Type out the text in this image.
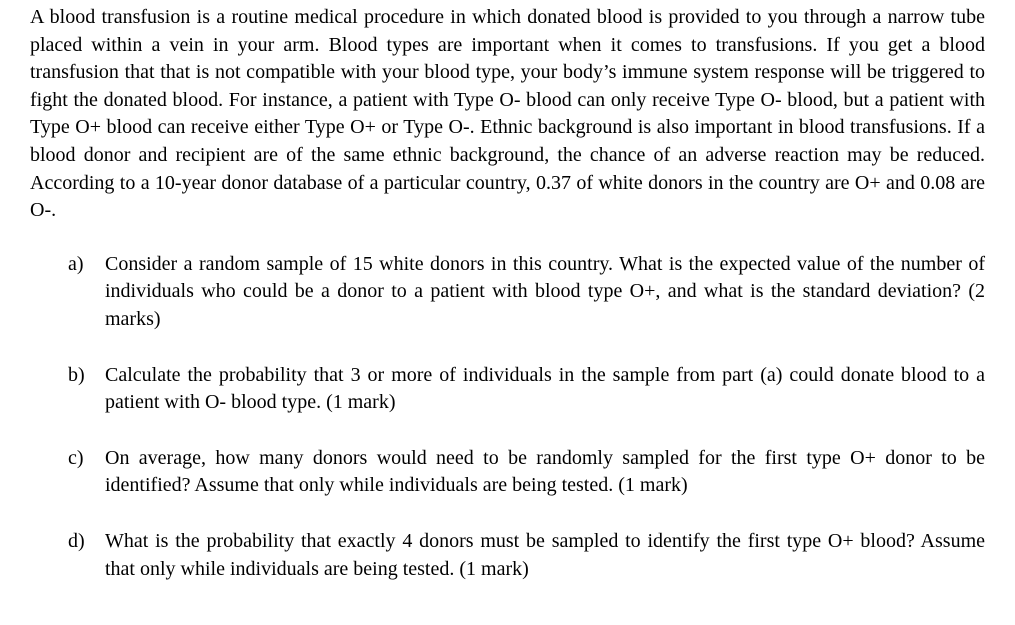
A blood transfusion is a routine medical procedure in which donated blood is provided to you through a narrow tube placed within a vein in your arm. Blood types are important when it comes to transfusions. If you get a blood transfusion that that is not compatible with your blood type, your body’s immune system response will be triggered to fight the donated blood. For instance, a patient with Type O- blood can only receive Type O- blood, but a patient with Type O+ blood can receive either Type O+ or Type O-. Ethnic background is also important in blood transfusions. If a blood donor and recipient are of the same ethnic background, the chance of an adverse reaction may be reduced. According to a 10-year donor database of a particular country, 0.37 of white donors in the country are O+ and 0.08 are O-.

a)	Consider a random sample of 15 white donors in this country. What is the expected value of the number of individuals who could be a donor to a patient with blood type O+, and what is the standard deviation? (2 marks)
b)	Calculate the probability that 3 or more of individuals in the sample from part (a) could donate blood to a patient with O- blood type. (1 mark)
c)	On average, how many donors would need to be randomly sampled for the first type O+ donor to be identified? Assume that only while individuals are being tested. (1 mark)
d)	What is the probability that exactly 4 donors must be sampled to identify the first type O+ blood? Assume that only while individuals are being tested. (1 mark)
